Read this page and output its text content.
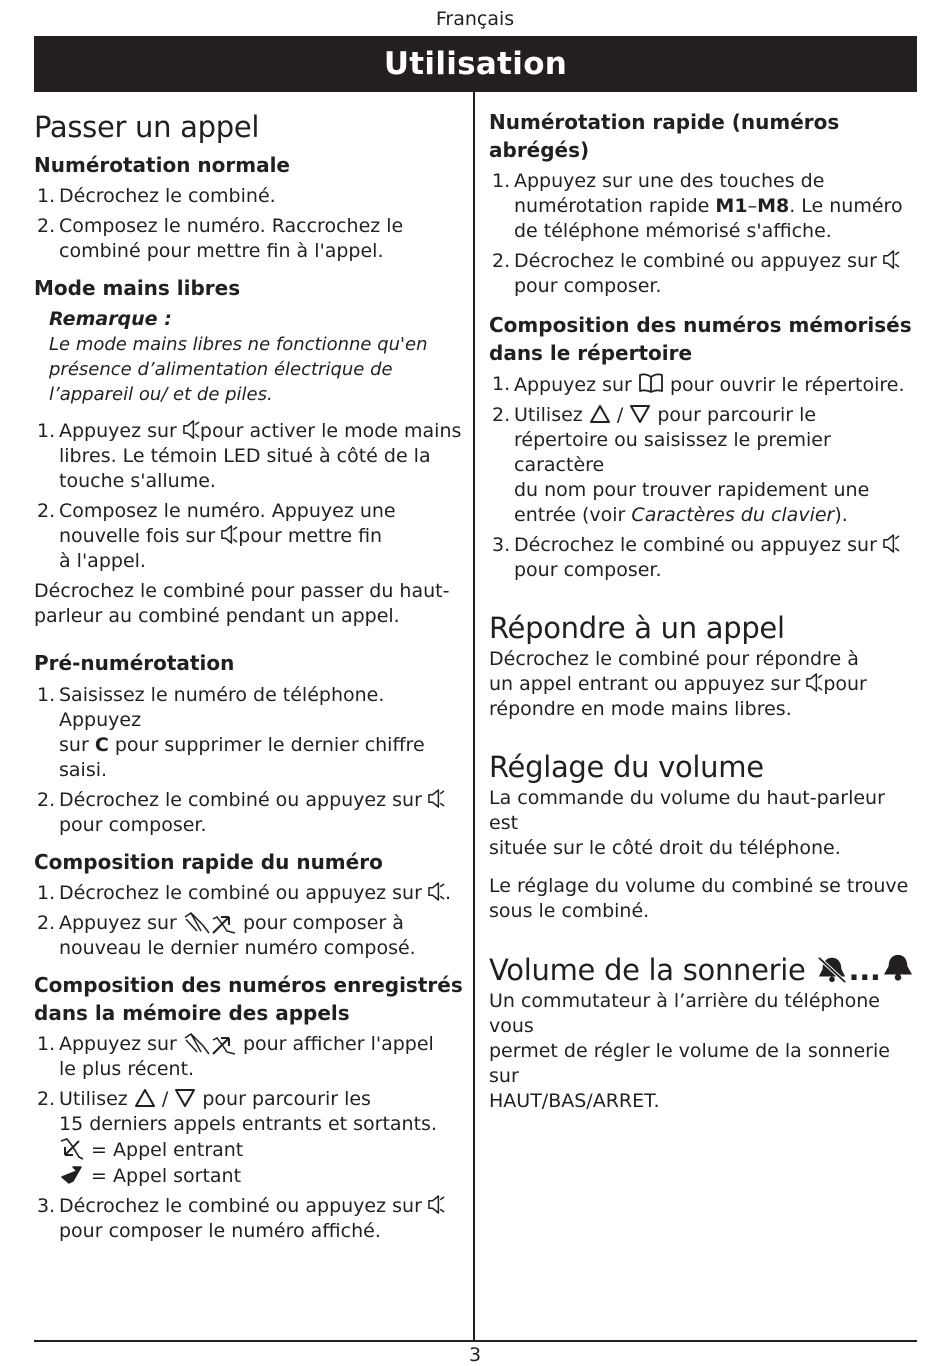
Français
Utilisation
3
Passer un appel
Numérotation normale
1. Décrochez le combiné.
2. Composez le numéro. Raccrochez le
combiné pour mettre fin à l'appel.
Mode mains libres
Remarque :
Le mode mains libres ne fonctionne qu'en
présence d’alimentation électrique de
l’appareil ou/ et de piles.
1. Appuyez sur pour activer le mode mains
libres. Le témoin LED situé à côté de la
touche s'allume.
2. Composez le numéro. Appuyez une
nouvelle fois sur pour mettre fin
à l'appel.

Décrochez le combiné pour passer du haut-
parleur au combiné pendant un appel.

Pré-numérotation
1. Saisissez le numéro de téléphone. Appuyez
sur C pour supprimer le dernier chiffre
saisi.
2. Décrochez le combiné ou appuyez sur
pour composer.
Composition rapide du numéro
1. Décrochez le combiné ou appuyez sur .
2. Appuyez sur	pour composer à
nouveau le dernier numéro composé.
Composition des numéros enregistrés
dans la mémoire des appels
1. Appuyez sur	pour afficher l'appel
le plus récent.
2. Utilisez / pour parcourir les
15 derniers appels entrants et sortants.
= Appel entrant
= Appel sortant
3. Décrochez le combiné ou appuyez sur
pour composer le numéro affiché.
Numérotation rapide (numéros abrégés)
1. Appuyez sur une des touches de
numérotation rapide M1–M8. Le numéro
de téléphone mémorisé s'affiche.
2. Décrochez le combiné ou appuyez sur
pour composer.
Composition des numéros mémorisés
dans le répertoire
1. Appuyez sur pour ouvrir le répertoire.
2. Utilisez / pour parcourir le
répertoire ou saisissez le premier caractère
du nom pour trouver rapidement une
entrée (voir Caractères du clavier).
3. Décrochez le combiné ou appuyez sur
pour composer.
Répondre à un appel

Décrochez le combiné pour répondre à
un appel entrant ou appuyez sur pour
répondre en mode mains libres.

Réglage du volume

La commande du volume du haut-parleur est
située sur le côté droit du téléphone.

Le réglage du volume du combiné se trouve
sous le combiné.

Volume de la sonnerie ...

Un commutateur à l’arrière du téléphone vous
permet de régler le volume de la sonnerie sur
HAUT/BAS/ARRET.
